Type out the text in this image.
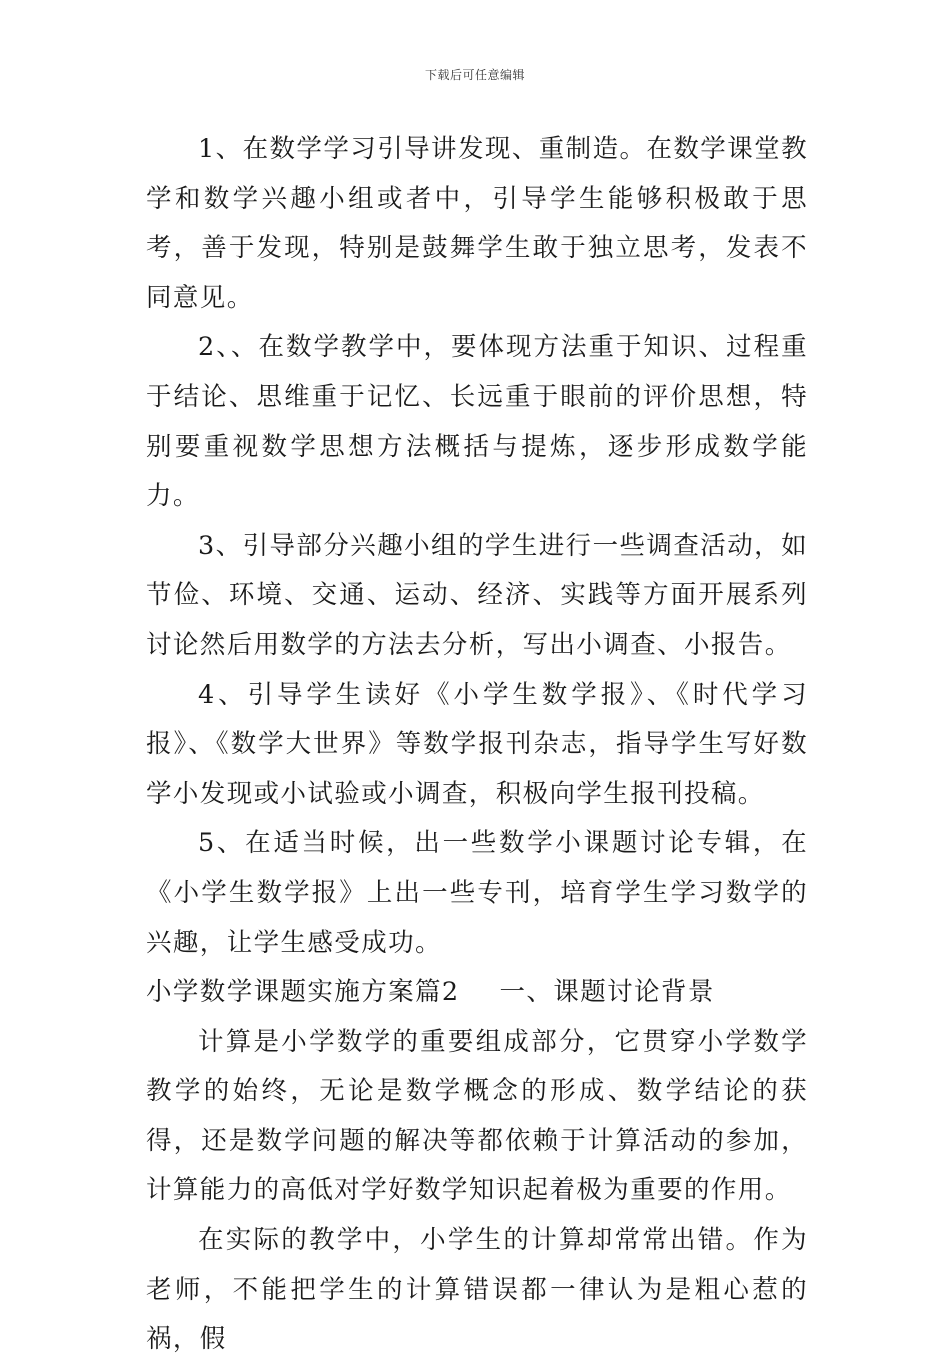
下载后可任意编辑

1、在数学学习引导讲发现、重制造。在数学课堂教学和数学兴趣小组或者中，引导学生能够积极敢于思考，善于发现，特别是鼓舞学生敢于独立思考，发表不同意见。

2、、在数学教学中，要体现方法重于知识、过程重于结论、思维重于记忆、长远重于眼前的评价思想，特别要重视数学思想方法概括与提炼，逐步形成数学能力。

3、引导部分兴趣小组的学生进行一些调查活动，如节俭、环境、交通、运动、经济、实践等方面开展系列讨论然后用数学的方法去分析，写出小调查、小报告。

4、引导学生读好《小学生数学报》、《时代学习报》、《数学大世界》等数学报刊杂志，指导学生写好数学小发现或小试验或小调查，积极向学生报刊投稿。

5、在适当时候，出一些数学小课题讨论专辑，在《小学生数学报》上出一些专刊，培育学生学习数学的兴趣，让学生感受成功。

小学数学课题实施方案篇2 一、课题讨论背景

计算是小学数学的重要组成部分，它贯穿小学数学教学的始终，无论是数学概念的形成、数学结论的获得，还是数学问题的解决等都依赖于计算活动的参加，计算能力的高低对学好数学知识起着极为重要的作用。

在实际的教学中，小学生的计算却常常出错。作为老师，不能把学生的计算错误都一律认为是粗心惹的祸，假
